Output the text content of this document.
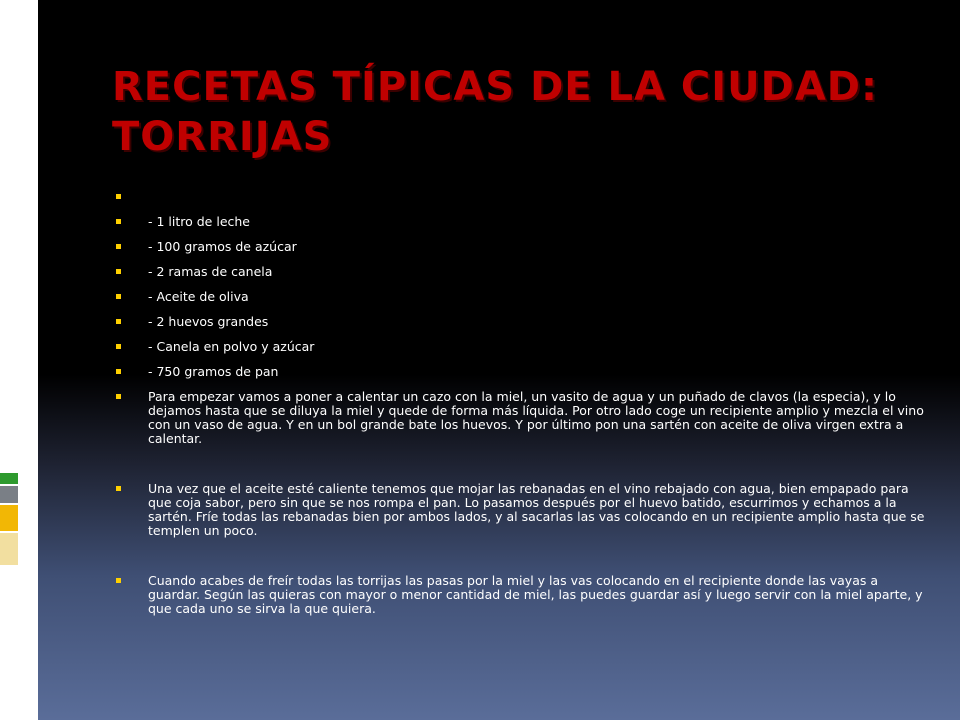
RECETAS TÍPICAS DE LA CIUDAD: TORRIJAS
- 1 litro de leche
- 100 gramos de azúcar
- 2 ramas de canela
- Aceite de oliva
- 2 huevos grandes
- Canela en polvo y azúcar
- 750 gramos de pan
Para empezar vamos a poner a calentar un cazo con la miel, un vasito de agua y un puñado de clavos (la especia), y lo dejamos hasta que se diluya la miel y quede de forma más líquida. Por otro lado coge un recipiente amplio y mezcla el vino con un vaso de agua. Y en un bol grande bate los huevos. Y por último pon una sartén con aceite de oliva virgen extra a calentar.
Una vez que el aceite esté caliente tenemos que mojar las rebanadas en el vino rebajado con agua, bien empapado para que coja sabor, pero sin que se nos rompa el pan. Lo pasamos después por el huevo batido, escurrimos y echamos a la sartén. Fríe todas las rebanadas bien por ambos lados, y al sacarlas las vas colocando en un recipiente amplio hasta que se templen un poco.
Cuando acabes de freír todas las torrijas las pasas por la miel y las vas colocando en el recipiente donde las vayas a guardar. Según las quieras con mayor o menor cantidad de miel, las puedes guardar así y luego servir con la miel aparte, y que cada uno se sirva la que quiera.
